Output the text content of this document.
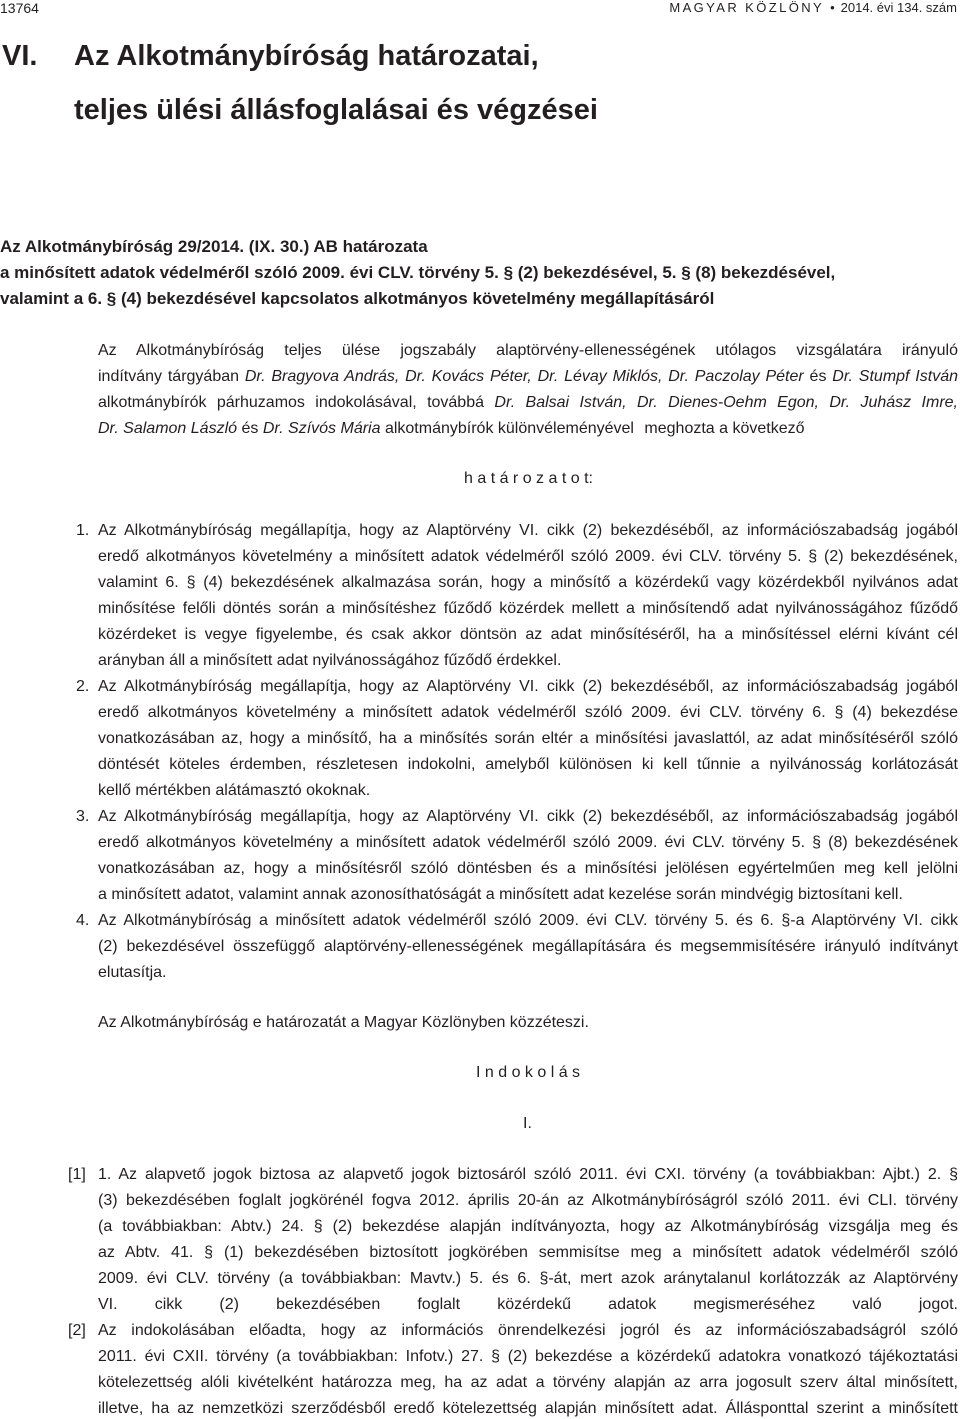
13764	MAGYAR KÖZLÖNY • 2014. évi 134. szám
VI. Az Alkotmánybíróság határozatai,
teljes ülési állásfoglalásai és végzései
Az Alkotmánybíróság 29/2014. (IX. 30.) AB határozata
a minősített adatok védelméről szóló 2009. évi CLV. törvény 5. § (2) bekezdésével, 5. § (8) bekezdésével,
valamint a 6. § (4) bekezdésével kapcsolatos alkotmányos követelmény megállapításáról
Az Alkotmánybíróság teljes ülése jogszabály alaptörvény-ellenességének utólagos vizsgálatára irányuló
indítvány tárgyában Dr. Bragyova András, Dr. Kovács Péter, Dr. Lévay Miklós, Dr. Paczolay Péter és Dr. Stumpf István
alkotmánybírók párhuzamos indokolásával, továbbá Dr. Balsai István, Dr. Dienes-Oehm Egon, Dr. Juhász Imre,
Dr. Salamon László és Dr. Szívós Mária alkotmánybírók különvéleményével meghozta a következő
h a t á r o z a t o t:
1. Az Alkotmánybíróság megállapítja, hogy az Alaptörvény VI. cikk (2) bekezdéséből, az információszabadság jogából
eredő alkotmányos követelmény a minősített adatok védelméről szóló 2009. évi CLV. törvény 5. § (2) bekezdésének,
valamint 6. § (4) bekezdésének alkalmazása során, hogy a minősítő a közérdekű vagy közérdekből nyilvános adat
minősítése felőli döntés során a minősítéshez fűződő közérdek mellett a minősítendő adat nyilvánosságához fűződő
közérdeket is vegye figyelembe, és csak akkor döntsön az adat minősítéséről, ha a minősítéssel elérni kívánt cél
arányban áll a minősített adat nyilvánosságához fűződő érdekkel.
2. Az Alkotmánybíróság megállapítja, hogy az Alaptörvény VI. cikk (2) bekezdéséből, az információszabadság jogából
eredő alkotmányos követelmény a minősített adatok védelméről szóló 2009. évi CLV. törvény 6. § (4) bekezdése
vonatkozásában az, hogy a minősítő, ha a minősítés során eltér a minősítési javaslattól, az adat minősítéséről szóló
döntését köteles érdemben, részletesen indokolni, amelyből különösen ki kell tűnnie a nyilvánosság korlátozását
kellő mértékben alátámasztó okoknak.
3. Az Alkotmánybíróság megállapítja, hogy az Alaptörvény VI. cikk (2) bekezdéséből, az információszabadság jogából
eredő alkotmányos követelmény a minősített adatok védelméről szóló 2009. évi CLV. törvény 5. § (8) bekezdésének
vonatkozásában az, hogy a minősítésről szóló döntésben és a minősítési jelölésen egyértelműen meg kell jelölni
a minősített adatot, valamint annak azonosíthatóságát a minősített adat kezelése során mindvégig biztosítani kell.
4. Az Alkotmánybíróság a minősített adatok védelméről szóló 2009. évi CLV. törvény 5. és 6. §-a Alaptörvény VI. cikk
(2) bekezdésével összefüggő alaptörvény-ellenességének megállapítására és megsemmisítésére irányuló indítványt
elutasítja.
Az Alkotmánybíróság e határozatát a Magyar Közlönyben közzéteszi.
I n d o k o l á s
I.
[1] 1. Az alapvető jogok biztosa az alapvető jogok biztosáról szóló 2011. évi CXI. törvény (a továbbiakban: Ajbt.) 2. §
(3) bekezdésében foglalt jogkörénél fogva 2012. április 20-án az Alkotmánybíróságról szóló 2011. évi CLI. törvény
(a továbbiakban: Abtv.) 24. § (2) bekezdése alapján indítványozta, hogy az Alkotmánybíróság vizsgálja meg és
az Abtv. 41. § (1) bekezdésében biztosított jogkörében semmisítse meg a minősített adatok védelméről szóló
2009. évi CLV. törvény (a továbbiakban: Mavtv.) 5. és 6. §-át, mert azok aránytalanul korlátozzák az Alaptörvény
VI. cikk (2) bekezdésében foglalt közérdekű adatok megismeréséhez való jogot.
[2] Az indokolásában előadta, hogy az információs önrendelkezési jogról és az információszabadságról szóló
2011. évi CXII. törvény (a továbbiakban: Infotv.) 27. § (2) bekezdése a közérdekű adatokra vonatkozó tájékoztatási
kötelezettség alóli kivételként határozza meg, ha az adat a törvény alapján az arra jogosult szerv által minősített,
illetve, ha az nemzetközi szerződésből eredő kötelezettség alapján minősített adat. Állásponttal szerint a minősített
